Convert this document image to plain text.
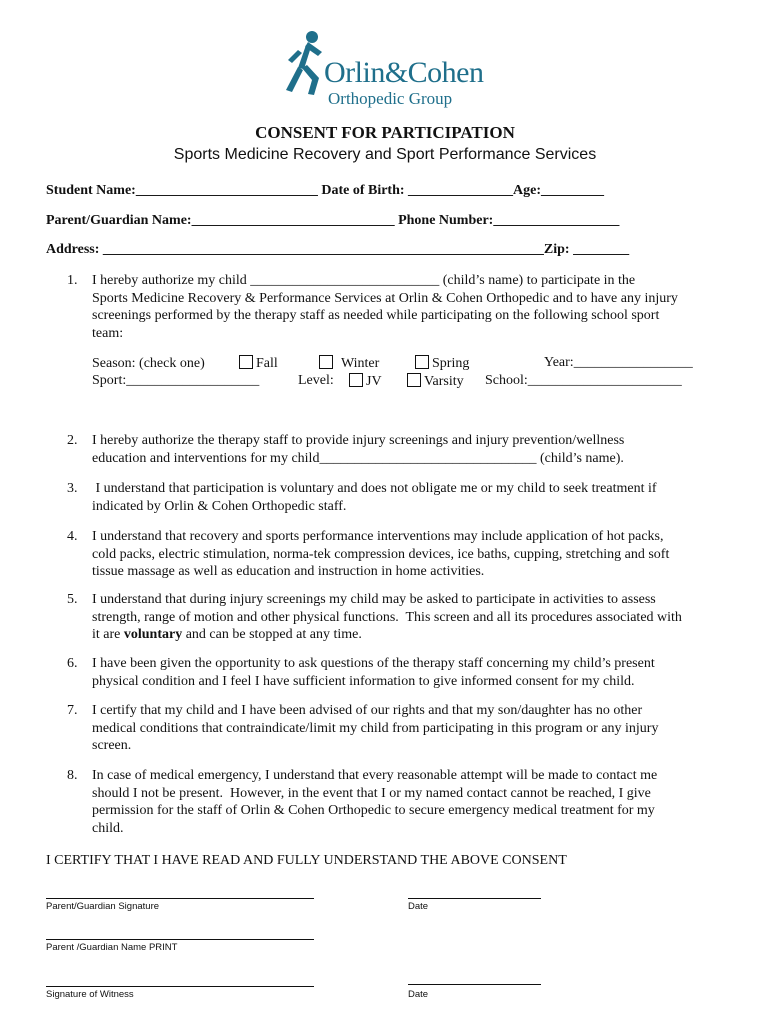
Orlin&Cohen
Orthopedic Group
CONSENT FOR PARTICIPATION
Sports Medicine Recovery and Sport Performance Services
Student Name:__________________________ Date of Birth: _______________Age:_________
Parent/Guardian Name:_____________________________ Phone Number:__________________
Address: _______________________________________________________________Zip: ________
1. I hereby authorize my child ___________________________ (child’s name) to participate in the
Sports Medicine Recovery & Performance Services at Orlin & Cohen Orthopedic and to have any injury
screenings performed by the therapy staff as needed while participating on the following school sport
team:
Season: (check one)	Fall	Winter	Spring	Year:_________________
Sport:___________________	Level:	JV	Varsity School:______________________
2. I hereby authorize the therapy staff to provide injury screenings and injury prevention/wellness
education and interventions for my child_______________________________ (child’s name).
3. I understand that participation is voluntary and does not obligate me or my child to seek treatment if
indicated by Orlin & Cohen Orthopedic staff.
4. I understand that recovery and sports performance interventions may include application of hot packs,
cold packs, electric stimulation, norma-tek compression devices, ice baths, cupping, stretching and soft
tissue massage as well as education and instruction in home activities.
5. I understand that during injury screenings my child may be asked to participate in activities to assess
strength, range of motion and other physical functions.  This screen and all its procedures associated with
it are voluntary and can be stopped at any time.
6. I have been given the opportunity to ask questions of the therapy staff concerning my child’s present
physical condition and I feel I have sufficient information to give informed consent for my child.
7. I certify that my child and I have been advised of our rights and that my son/daughter has no other
medical conditions that contraindicate/limit my child from participating in this program or any injury
screen.
8. In case of medical emergency, I understand that every reasonable attempt will be made to contact me
should I not be present.  However, in the event that I or my named contact cannot be reached, I give
permission for the staff of Orlin & Cohen Orthopedic to secure emergency medical treatment for my
child.
I CERTIFY THAT I HAVE READ AND FULLY UNDERSTAND THE ABOVE CONSENT
Parent/Guardian Signature	Date
Parent /Guardian Name PRINT
Signature of Witness	Date
